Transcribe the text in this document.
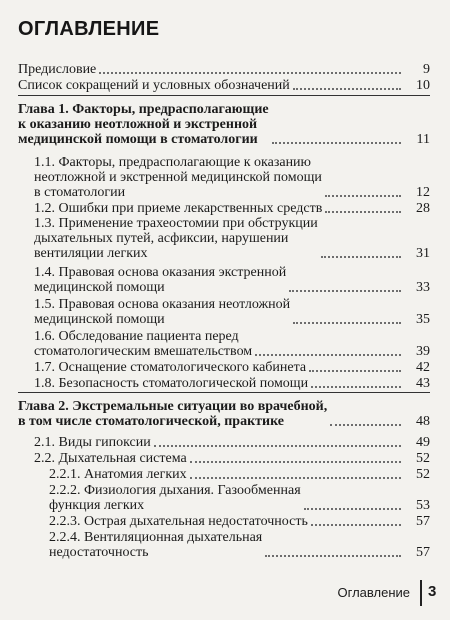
ОГЛАВЛЕНИЕ
Предисловие	9
Список сокращений и условных обозначений	10
Глава 1. Факторы, предрасполагающие
к оказанию неотложной и экстренной
медицинской помощи в стоматологии	11
1.1. Факторы, предрасполагающие к оказанию
неотложной и экстренной медицинской помощи
в стоматологии	12
1.2. Ошибки при приеме лекарственных средств	28
1.3. Применение трахеостомии при обструкции
дыхательных путей, асфиксии, нарушении
вентиляции легких	31
1.4. Правовая основа оказания экстренной
медицинской помощи	33
1.5. Правовая основа оказания неотложной
медицинской помощи	35
1.6. Обследование пациента перед
стоматологическим вмешательством	39
1.7. Оснащение стоматологического кабинета	42
1.8. Безопасность стоматологической помощи	43
Глава 2. Экстремальные ситуации во врачебной,
в том числе стоматологической, практике	48
2.1. Виды гипоксии	49
2.2. Дыхательная система	52
2.2.1. Анатомия легких	52
2.2.2. Физиология дыхания. Газообменная
функция легких	53
2.2.3. Острая дыхательная недостаточность	57
2.2.4. Вентиляционная дыхательная
недостаточность	57
Оглавление 3
